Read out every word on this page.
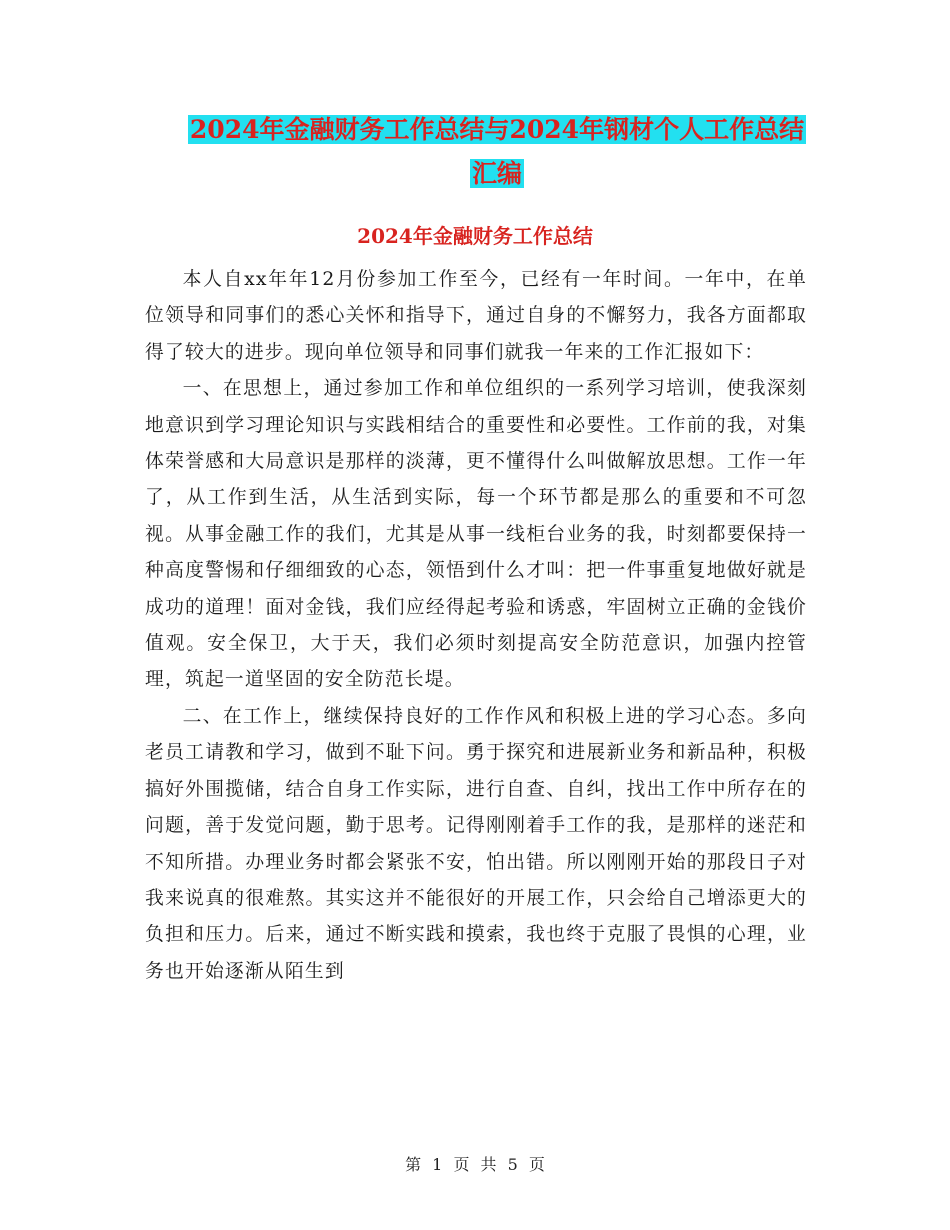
2024年金融财务工作总结与2024年钢材个人工作总结
汇编
2024年金融财务工作总结

本人自xx年年12月份参加工作至今，已经有一年时间。一年中，在单位领导和同事们的悉心关怀和指导下，通过自身的不懈努力，我各方面都取得了较大的进步。现向单位领导和同事们就我一年来的工作汇报如下：

一、在思想上，通过参加工作和单位组织的一系列学习培训，使我深刻地意识到学习理论知识与实践相结合的重要性和必要性。工作前的我，对集体荣誉感和大局意识是那样的淡薄，更不懂得什么叫做解放思想。工作一年了，从工作到生活，从生活到实际，每一个环节都是那么的重要和不可忽视。从事金融工作的我们，尤其是从事一线柜台业务的我，时刻都要保持一种高度警惕和仔细细致的心态，领悟到什么才叫：把一件事重复地做好就是成功的道理！面对金钱，我们应经得起考验和诱惑，牢固树立正确的金钱价值观。安全保卫，大于天，我们必须时刻提高安全防范意识，加强内控管理，筑起一道坚固的安全防范长堤。

二、在工作上，继续保持良好的工作作风和积极上进的学习心态。多向老员工请教和学习，做到不耻下问。勇于探究和进展新业务和新品种，积极搞好外围揽储，结合自身工作实际，进行自查、自纠，找出工作中所存在的问题，善于发觉问题，勤于思考。记得刚刚着手工作的我，是那样的迷茫和不知所措。办理业务时都会紧张不安，怕出错。所以刚刚开始的那段日子对我来说真的很难熬。其实这并不能很好的开展工作，只会给自己增添更大的负担和压力。后来，通过不断实践和摸索，我也终于克服了畏惧的心理，业务也开始逐渐从陌生到

第 1 页 共 5 页
